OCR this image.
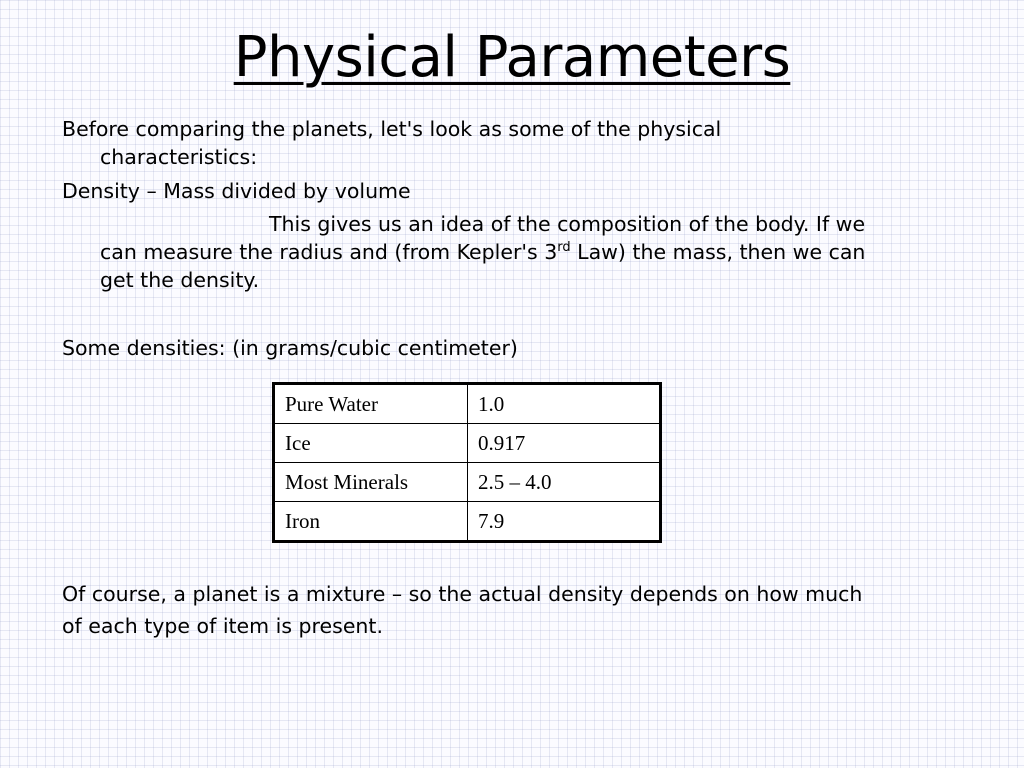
Physical Parameters
Before comparing the planets, let's look as some of the physical
characteristics:
Density – Mass divided by volume
This gives us an idea of the composition of the body. If we
can measure the radius and (from Kepler's 3rd Law) the mass, then we can
get the density.
Some densities: (in grams/cubic centimeter)
Pure Water	1.0
Ice	0.917
Most Minerals	2.5 – 4.0
Iron	7.9
Of course, a planet is a mixture – so the actual density depends on how much
of each type of item is present.
